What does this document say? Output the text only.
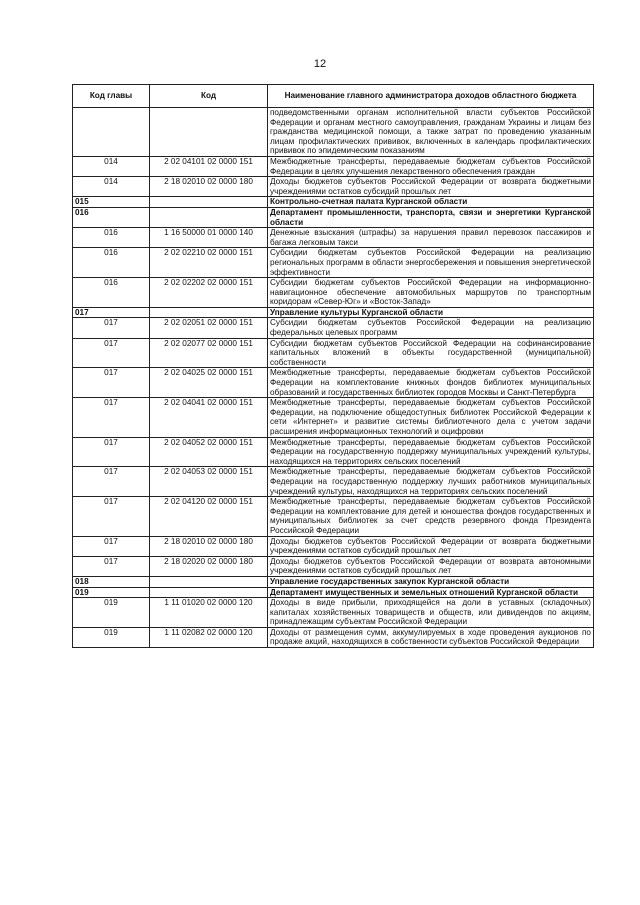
12
Код главы	Код	Наименование главного администратора доходов областного бюджета
		подведомственными органам исполнительной власти субъектов Российской Федерации и органам местного самоуправления, гражданам Украины и лицам без гражданства медицинской помощи, а также затрат по проведению указанным лицам профилактических прививок, включенных в календарь профилактических прививок по эпидемическим показаниям
014	2 02 04101 02 0000 151	Межбюджетные трансферты, передаваемые бюджетам субъектов Российской Федерации в целях улучшения лекарственного обеспечения граждан
014	2 18 02010 02 0000 180	Доходы бюджетов субъектов Российской Федерации от возврата бюджетными учреждениями остатков субсидий прошлых лет
015		Контрольно-счетная палата Курганской области
016		Департамент промышленности, транспорта, связи и энергетики Курганской области
016	1 16 50000 01 0000 140	Денежные взыскания (штрафы) за нарушения правил перевозок пассажиров и багажа легковым такси
016	2 02 02210 02 0000 151	Субсидии бюджетам субъектов Российской Федерации на реализацию региональных программ в области энергосбережения и повышения энергетической эффективности
016	2 02 02202 02 0000 151	Субсидии бюджетам субъектов Российской Федерации на информационно-навигационное обеспечение автомобильных маршрутов по транспортным коридорам «Север-Юг» и «Восток-Запад»
017		Управление культуры Курганской области
017	2 02 02051 02 0000 151	Субсидии бюджетам субъектов Российской Федерации на реализацию федеральных целевых программ
017	2 02 02077 02 0000 151	Субсидии бюджетам субъектов Российской Федерации на софинансирование капитальных вложений в объекты государственной (муниципальной) собственности
017	2 02 04025 02 0000 151	Межбюджетные трансферты, передаваемые бюджетам субъектов Российской Федерации на комплектование книжных фондов библиотек муниципальных образований и государственных библиотек городов Москвы и Санкт-Петербурга
017	2 02 04041 02 0000 151	Межбюджетные трансферты, передаваемые бюджетам субъектов Российской Федерации, на подключение общедоступных библиотек Российской Федерации к сети «Интернет» и развитие системы библиотечного дела с учетом задачи расширения информационных технологий и оцифровки
017	2 02 04052 02 0000 151	Межбюджетные трансферты, передаваемые бюджетам субъектов Российской Федерации на государственную поддержку муниципальных учреждений культуры, находящихся на территориях сельских поселений
017	2 02 04053 02 0000 151	Межбюджетные трансферты, передаваемые бюджетам субъектов Российской Федерации на государственную поддержку лучших работников муниципальных учреждений культуры, находящихся на территориях сельских поселений
017	2 02 04120 02 0000 151	Межбюджетные трансферты, передаваемые бюджетам субъектов Российской Федерации на комплектование для детей и юношества фондов государственных и муниципальных библиотек за счет средств резервного фонда Президента Российской Федерации
017	2 18 02010 02 0000 180	Доходы бюджетов субъектов Российской Федерации от возврата бюджетными учреждениями остатков субсидий прошлых лет
017	2 18 02020 02 0000 180	Доходы бюджетов субъектов Российской Федерации от возврата автономными учреждениями остатков субсидий прошлых лет
018		Управление государственных закупок Курганской области
019		Департамент имущественных и земельных отношений Курганской области
019	1 11 01020 02 0000 120	Доходы в виде прибыли, приходящейся на доли в уставных (складочных) капиталах хозяйственных товариществ и обществ, или дивидендов по акциям, принадлежащим субъектам Российской Федерации
019	1 11 02082 02 0000 120	Доходы от размещения сумм, аккумулируемых в ходе проведения аукционов по продаже акций, находящихся в собственности субъектов Российской Федерации
